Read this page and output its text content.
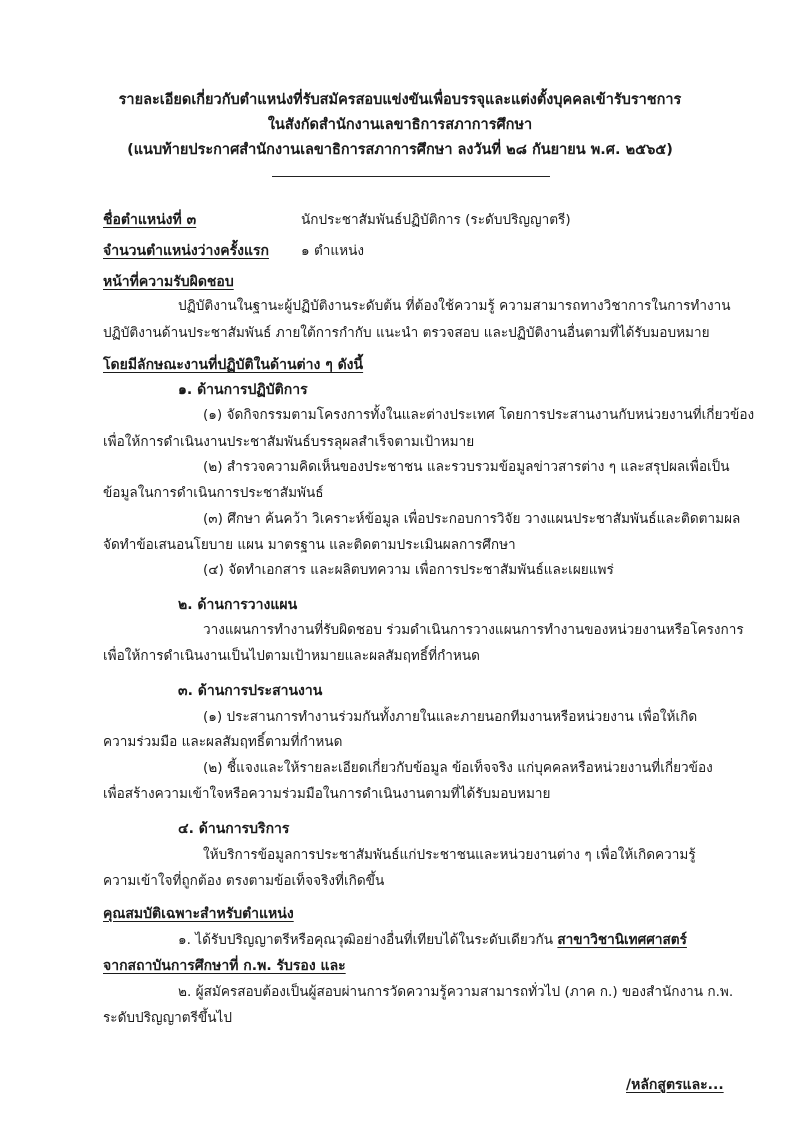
รายละเอียดเกี่ยวกับตำแหน่งที่รับสมัครสอบแข่งขันเพื่อบรรจุและแต่งตั้งบุคคลเข้ารับราชการ
ในสังกัดสำนักงานเลขาธิการสภาการศึกษา
(แนบท้ายประกาศสำนักงานเลขาธิการสภาการศึกษา ลงวันที่ ๒๘ กันยายน พ.ศ. ๒๕๖๕)
ชื่อตำแหน่งที่ ๓	นักประชาสัมพันธ์ปฏิบัติการ (ระดับปริญญาตรี)
จำนวนตำแหน่งว่างครั้งแรก ๑ ตำแหน่ง
หน้าที่ความรับผิดชอบ
ปฏิบัติงานในฐานะผู้ปฏิบัติงานระดับต้น ที่ต้องใช้ความรู้ ความสามารถทางวิชาการในการทำงาน
ปฏิบัติงานด้านประชาสัมพันธ์ ภายใต้การกำกับ แนะนำ ตรวจสอบ และปฏิบัติงานอื่นตามที่ได้รับมอบหมาย
โดยมีลักษณะงานที่ปฏิบัติในด้านต่าง ๆ ดังนี้
๑. ด้านการปฏิบัติการ
(๑) จัดกิจกรรมตามโครงการทั้งในและต่างประเทศ โดยการประสานงานกับหน่วยงานที่เกี่ยวข้อง
เพื่อให้การดำเนินงานประชาสัมพันธ์บรรลุผลสำเร็จตามเป้าหมาย
(๒) สำรวจความคิดเห็นของประชาชน และรวบรวมข้อมูลข่าวสารต่าง ๆ และสรุปผลเพื่อเป็น
ข้อมูลในการดำเนินการประชาสัมพันธ์
(๓) ศึกษา ค้นคว้า วิเคราะห์ข้อมูล เพื่อประกอบการวิจัย วางแผนประชาสัมพันธ์และติดตามผล
จัดทำข้อเสนอนโยบาย แผน มาตรฐาน และติดตามประเมินผลการศึกษา
(๔) จัดทำเอกสาร และผลิตบทความ เพื่อการประชาสัมพันธ์และเผยแพร่
๒. ด้านการวางแผน
วางแผนการทำงานที่รับผิดชอบ ร่วมดำเนินการวางแผนการทำงานของหน่วยงานหรือโครงการ
เพื่อให้การดำเนินงานเป็นไปตามเป้าหมายและผลสัมฤทธิ์ที่กำหนด
๓. ด้านการประสานงาน
(๑) ประสานการทำงานร่วมกันทั้งภายในและภายนอกทีมงานหรือหน่วยงาน เพื่อให้เกิด
ความร่วมมือ และผลสัมฤทธิ์ตามที่กำหนด
(๒) ชี้แจงและให้รายละเอียดเกี่ยวกับข้อมูล ข้อเท็จจริง แก่บุคคลหรือหน่วยงานที่เกี่ยวข้อง
เพื่อสร้างความเข้าใจหรือความร่วมมือในการดำเนินงานตามที่ได้รับมอบหมาย
๔. ด้านการบริการ
ให้บริการข้อมูลการประชาสัมพันธ์แก่ประชาชนและหน่วยงานต่าง ๆ เพื่อให้เกิดความรู้
ความเข้าใจที่ถูกต้อง ตรงตามข้อเท็จจริงที่เกิดขึ้น
คุณสมบัติเฉพาะสำหรับตำแหน่ง
๑. ได้รับปริญญาตรีหรือคุณวุฒิอย่างอื่นที่เทียบได้ในระดับเดียวกัน สาขาวิชานิเทศศาสตร์
จากสถาบันการศึกษาที่ ก.พ. รับรอง และ
๒. ผู้สมัครสอบต้องเป็นผู้สอบผ่านการวัดความรู้ความสามารถทั่วไป (ภาค ก.) ของสำนักงาน ก.พ.
ระดับปริญญาตรีขึ้นไป
/หลักสูตรและ...
